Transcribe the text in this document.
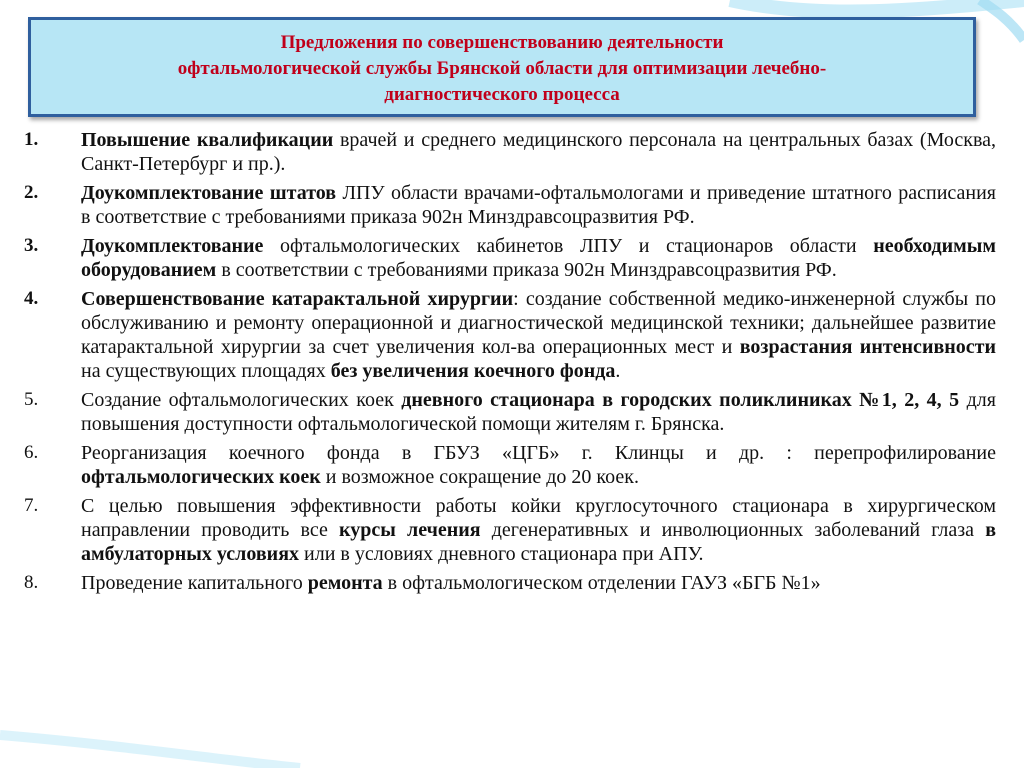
Предложения по совершенствованию деятельности
офтальмологической службы Брянской области для оптимизации лечебно-
диагностического процесса
1.	Повышение квалификации врачей и среднего медицинского персонала на центральных базах (Москва, Санкт-Петербург и пр.).
2.	Доукомплектование штатов ЛПУ области врачами-офтальмологами и приведение штатного расписания в соответствие с требованиями приказа 902н Минздравсоцразвития РФ.
3.	Доукомплектование офтальмологических кабинетов ЛПУ и стационаров области необходимым оборудованием в соответствии с требованиями приказа 902н Минздравсоцразвития РФ.
4.	Совершенствование катарактальной хирургии: создание собственной медико-инженерной службы по обслуживанию и ремонту операционной и диагностической медицинской техники; дальнейшее развитие катарактальной хирургии за счет увеличения кол-ва операционных мест и возрастания интенсивности на существующих площадях без увеличения коечного фонда.
5.	Создание офтальмологических коек дневного стационара в городских поликлиниках №1, 2, 4, 5 для повышения доступности офтальмологической помощи жителям г. Брянска.
6.	Реорганизация коечного фонда в ГБУЗ «ЦГБ» г. Клинцы и др. : перепрофилирование офтальмологических коек и возможное сокращение до 20 коек.
7.	С целью повышения эффективности работы койки круглосуточного стационара в хирургическом направлении проводить все курсы лечения дегенеративных и инволюционных заболеваний глаза в амбулаторных условиях или в условиях дневного стационара при АПУ.
8.	Проведение капитального ремонта в офтальмологическом отделении ГАУЗ «БГБ №1»
